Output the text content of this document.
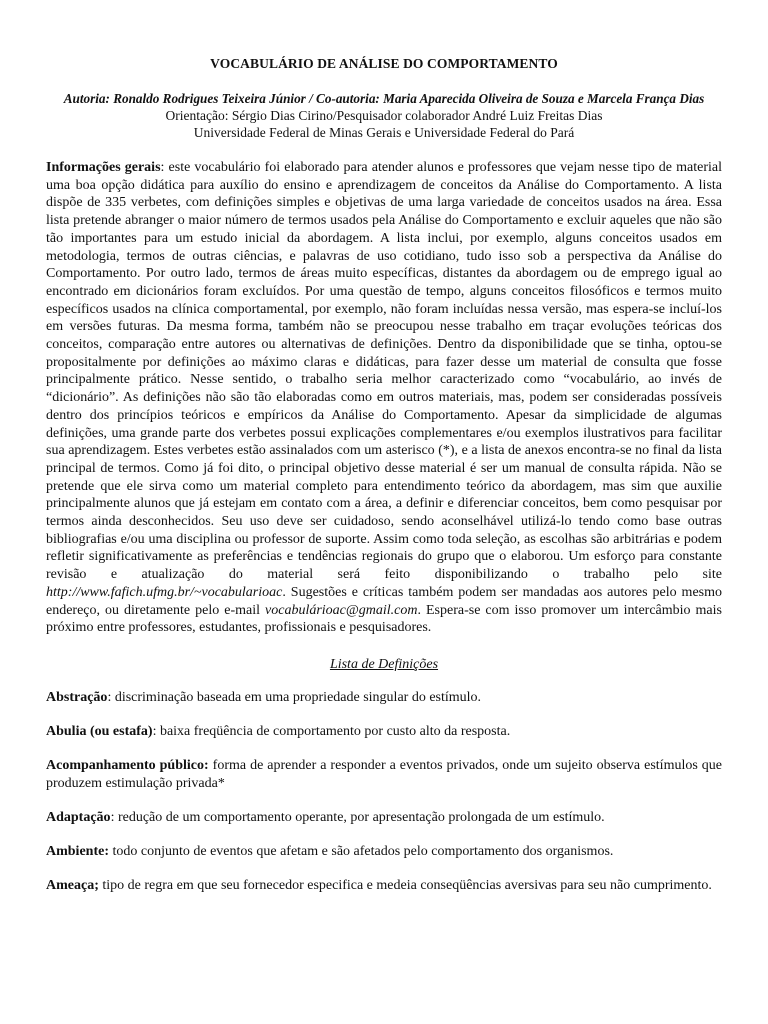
VOCABULÁRIO DE ANÁLISE DO COMPORTAMENTO

Autoria: Ronaldo Rodrigues Teixeira Júnior / Co-autoria: Maria Aparecida Oliveira de Souza e Marcela França Dias

Orientação: Sérgio Dias Cirino/Pesquisador colaborador André Luiz Freitas Dias

Universidade Federal de Minas Gerais e Universidade Federal do Pará

Informações gerais: este vocabulário foi elaborado para atender alunos e professores que vejam nesse tipo de material uma boa opção didática para auxílio do ensino e aprendizagem de conceitos da Análise do Comportamento. A lista dispõe de 335 verbetes, com definições simples e objetivas de uma larga variedade de conceitos usados na área. Essa lista pretende abranger o maior número de termos usados pela Análise do Comportamento e excluir aqueles que não são tão importantes para um estudo inicial da abordagem. A lista inclui, por exemplo, alguns conceitos usados em metodologia, termos de outras ciências, e palavras de uso cotidiano, tudo isso sob a perspectiva da Análise do Comportamento. Por outro lado, termos de áreas muito específicas, distantes da abordagem ou de emprego igual ao encontrado em dicionários foram excluídos. Por uma questão de tempo, alguns conceitos filosóficos e termos muito específicos usados na clínica comportamental, por exemplo, não foram incluídas nessa versão, mas espera-se incluí-los em versões futuras. Da mesma forma, também não se preocupou nesse trabalho em traçar evoluções teóricas dos conceitos, comparação entre autores ou alternativas de definições. Dentro da disponibilidade que se tinha, optou-se propositalmente por definições ao máximo claras e didáticas, para fazer desse um material de consulta que fosse principalmente prático. Nesse sentido, o trabalho seria melhor caracterizado como “vocabulário, ao invés de “dicionário”. As definições não são tão elaboradas como em outros materiais, mas, podem ser consideradas possíveis dentro dos princípios teóricos e empíricos da Análise do Comportamento. Apesar da simplicidade de algumas definições, uma grande parte dos verbetes possui explicações complementares e/ou exemplos ilustrativos para facilitar sua aprendizagem. Estes verbetes estão assinalados com um asterisco (*), e a lista de anexos encontra-se no final da lista principal de termos. Como já foi dito, o principal objetivo desse material é ser um manual de consulta rápida. Não se pretende que ele sirva como um material completo para entendimento teórico da abordagem, mas sim que auxilie principalmente alunos que já estejam em contato com a área, a definir e diferenciar conceitos, bem como pesquisar por termos ainda desconhecidos. Seu uso deve ser cuidadoso, sendo aconselhável utilizá-lo tendo como base outras bibliografias e/ou uma disciplina ou professor de suporte. Assim como toda seleção, as escolhas são arbitrárias e podem refletir significativamente as preferências e tendências regionais do grupo que o elaborou. Um esforço para constante revisão e atualização do material será feito disponibilizando o trabalho pelo site http://www.fafich.ufmg.br/~vocabularioac. Sugestões e críticas também podem ser mandadas aos autores pelo mesmo endereço, ou diretamente pelo e-mail vocabulárioac@gmail.com. Espera-se com isso promover um intercâmbio mais próximo entre professores, estudantes, profissionais e pesquisadores.

Lista de Definições

Abstração: discriminação baseada em uma propriedade singular do estímulo.

Abulia (ou estafa): baixa freqüência de comportamento por custo alto da resposta.

Acompanhamento público: forma de aprender a responder a eventos privados, onde um sujeito observa estímulos que produzem estimulação privada*

Adaptação: redução de um comportamento operante, por apresentação prolongada de um estímulo.

Ambiente: todo conjunto de eventos que afetam e são afetados pelo comportamento dos organismos.

Ameaça; tipo de regra em que seu fornecedor especifica e medeia conseqüências aversivas para seu não cumprimento.
